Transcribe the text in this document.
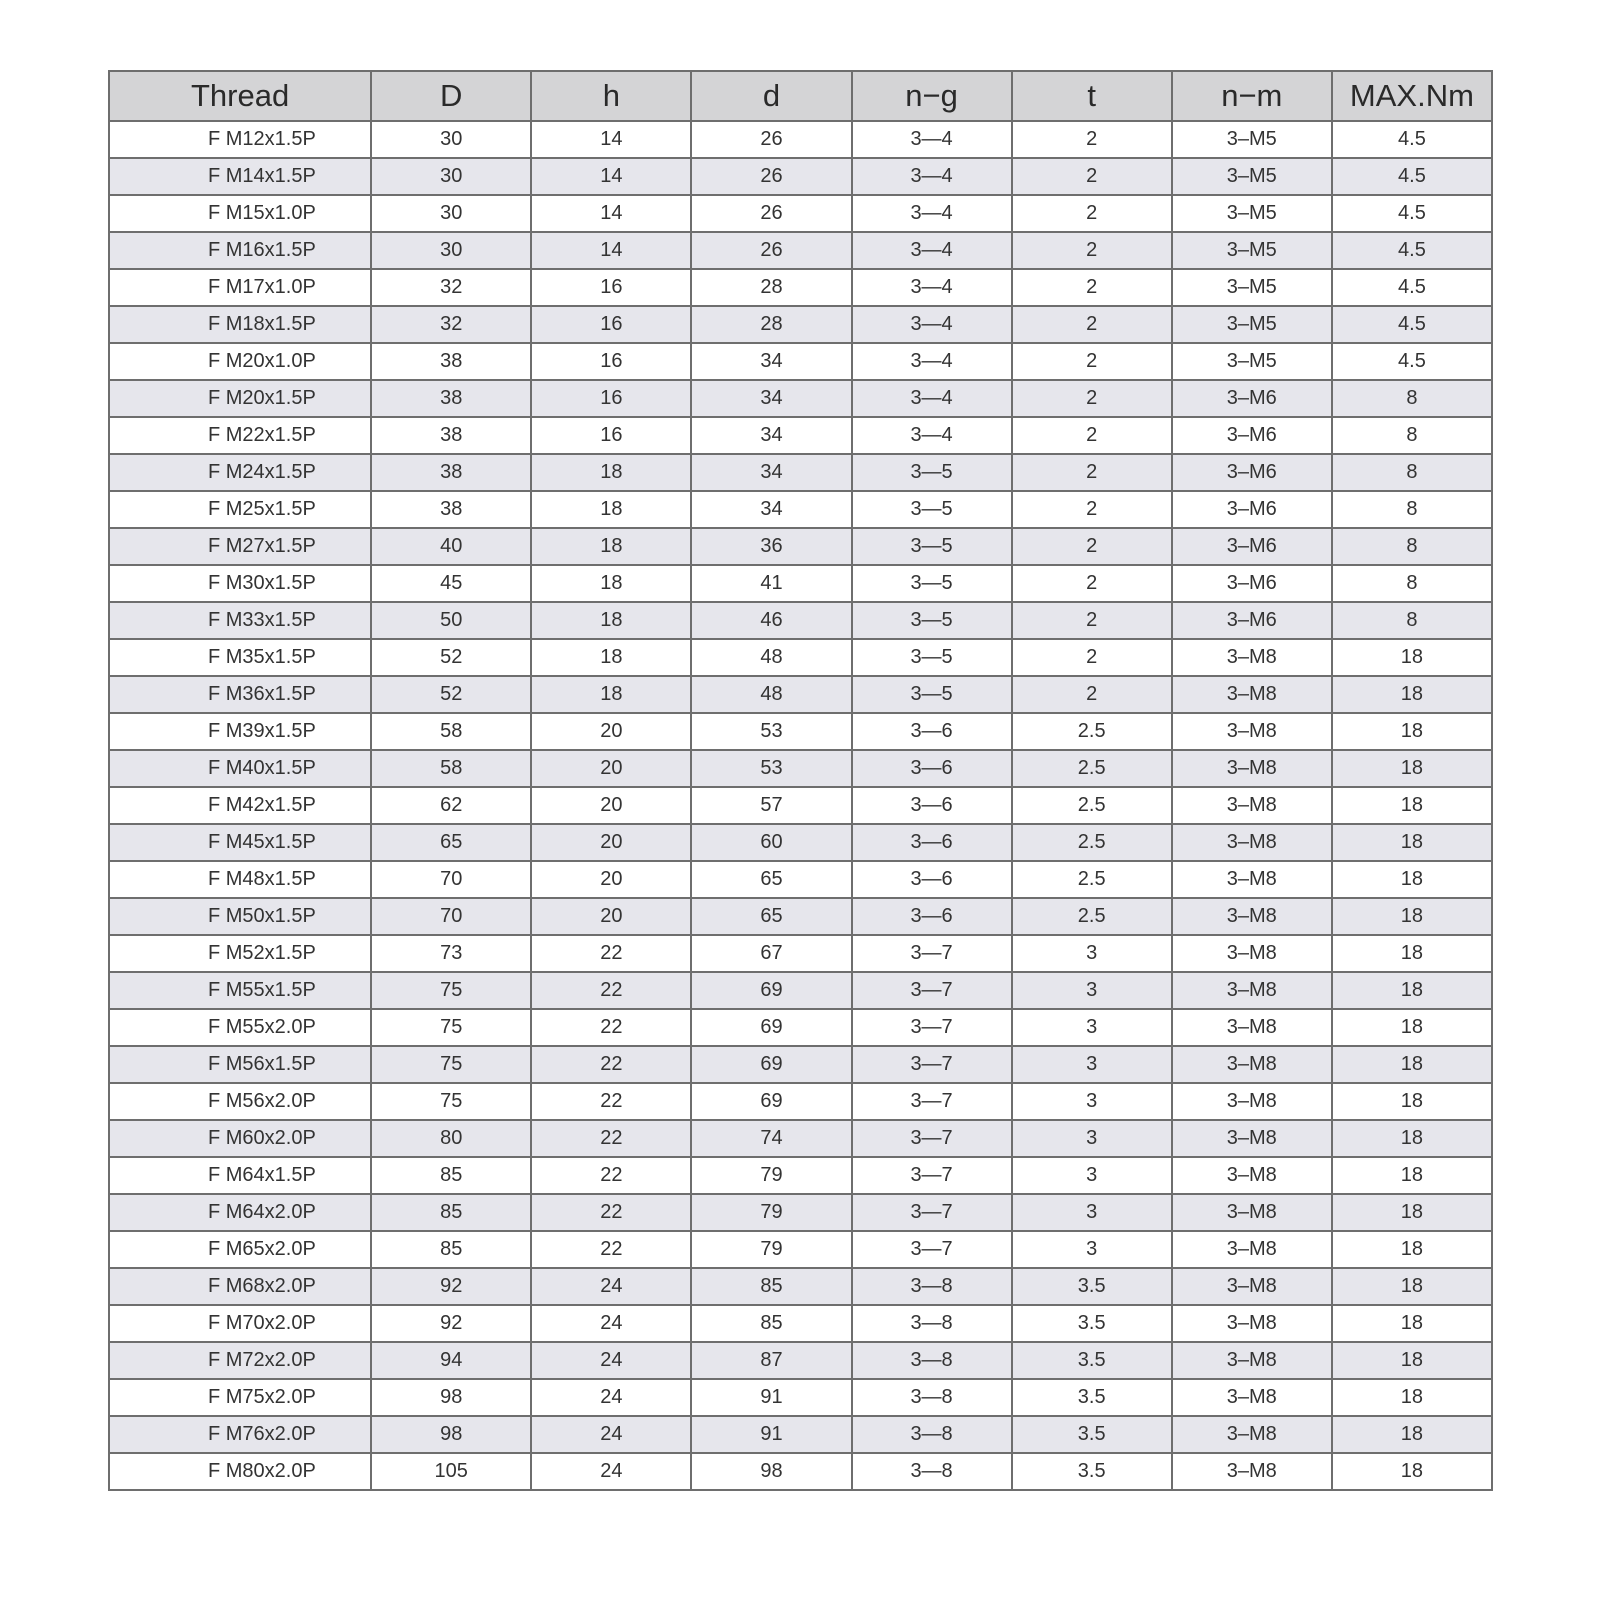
Thread	D	h	d	n−g	t	n−m	MAX.Nm
F M12x1.5P	30	14	26	3—4	2	3–M5	4.5
F M14x1.5P	30	14	26	3—4	2	3–M5	4.5
F M15x1.0P	30	14	26	3—4	2	3–M5	4.5
F M16x1.5P	30	14	26	3—4	2	3–M5	4.5
F M17x1.0P	32	16	28	3—4	2	3–M5	4.5
F M18x1.5P	32	16	28	3—4	2	3–M5	4.5
F M20x1.0P	38	16	34	3—4	2	3–M5	4.5
F M20x1.5P	38	16	34	3—4	2	3–M6	8
F M22x1.5P	38	16	34	3—4	2	3–M6	8
F M24x1.5P	38	18	34	3—5	2	3–M6	8
F M25x1.5P	38	18	34	3—5	2	3–M6	8
F M27x1.5P	40	18	36	3—5	2	3–M6	8
F M30x1.5P	45	18	41	3—5	2	3–M6	8
F M33x1.5P	50	18	46	3—5	2	3–M6	8
F M35x1.5P	52	18	48	3—5	2	3–M8	18
F M36x1.5P	52	18	48	3—5	2	3–M8	18
F M39x1.5P	58	20	53	3—6	2.5	3–M8	18
F M40x1.5P	58	20	53	3—6	2.5	3–M8	18
F M42x1.5P	62	20	57	3—6	2.5	3–M8	18
F M45x1.5P	65	20	60	3—6	2.5	3–M8	18
F M48x1.5P	70	20	65	3—6	2.5	3–M8	18
F M50x1.5P	70	20	65	3—6	2.5	3–M8	18
F M52x1.5P	73	22	67	3—7	3	3–M8	18
F M55x1.5P	75	22	69	3—7	3	3–M8	18
F M55x2.0P	75	22	69	3—7	3	3–M8	18
F M56x1.5P	75	22	69	3—7	3	3–M8	18
F M56x2.0P	75	22	69	3—7	3	3–M8	18
F M60x2.0P	80	22	74	3—7	3	3–M8	18
F M64x1.5P	85	22	79	3—7	3	3–M8	18
F M64x2.0P	85	22	79	3—7	3	3–M8	18
F M65x2.0P	85	22	79	3—7	3	3–M8	18
F M68x2.0P	92	24	85	3—8	3.5	3–M8	18
F M70x2.0P	92	24	85	3—8	3.5	3–M8	18
F M72x2.0P	94	24	87	3—8	3.5	3–M8	18
F M75x2.0P	98	24	91	3—8	3.5	3–M8	18
F M76x2.0P	98	24	91	3—8	3.5	3–M8	18
F M80x2.0P	105	24	98	3—8	3.5	3–M8	18
